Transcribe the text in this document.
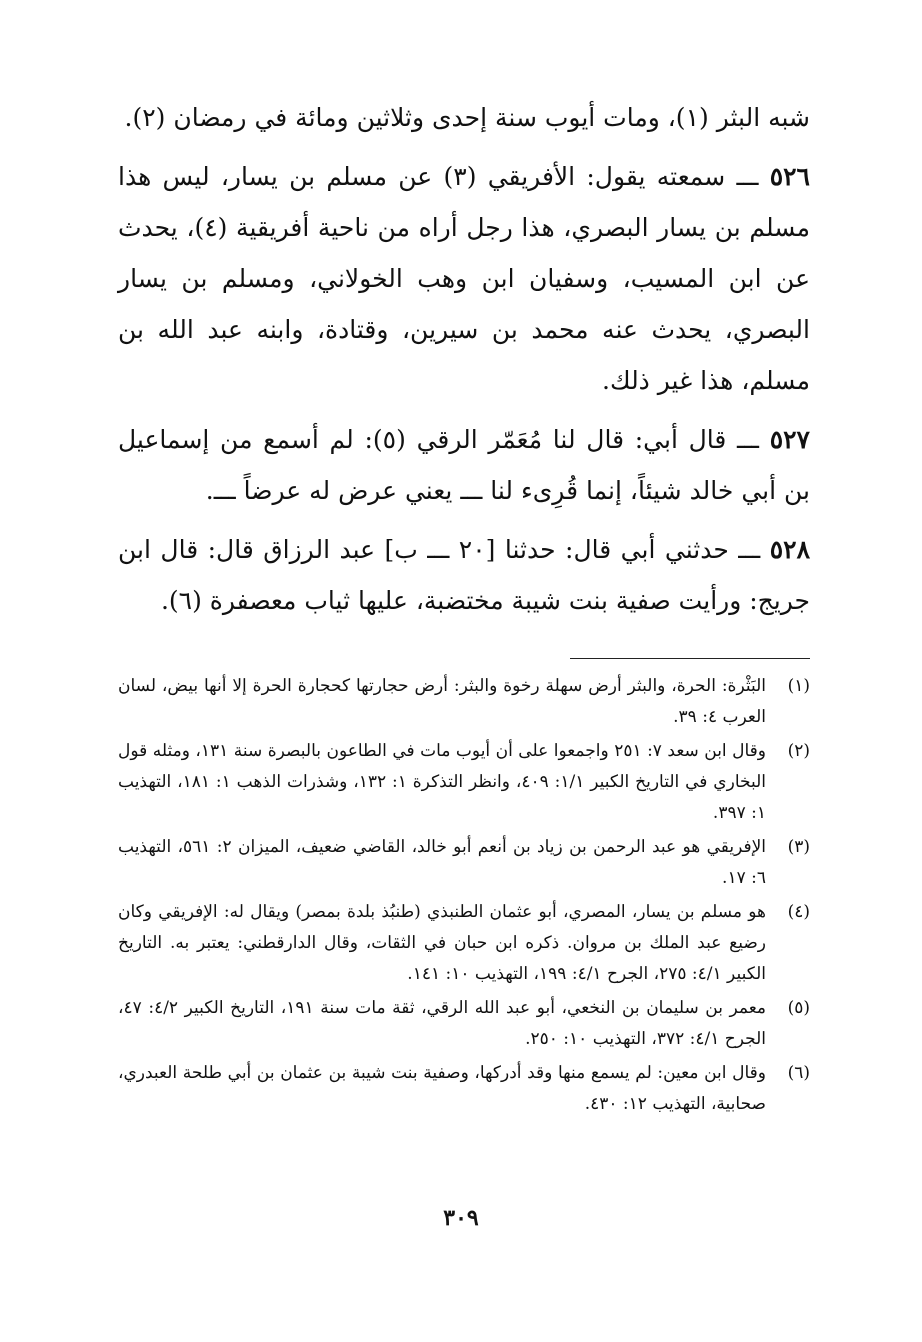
شبه البثر (١)، ومات أيوب سنة إحدى وثلاثين ومائة في رمضان (٢).

٥٢٦ ـــ سمعته يقول: الأفريقي (٣) عن مسلم بن يسار، ليس هذا مسلم بن يسار البصري، هذا رجل أراه من ناحية أفريقية (٤)، يحدث عن ابن المسيب، وسفيان ابن وهب الخولاني، ومسلم بن يسار البصري، يحدث عنه محمد بن سيرين، وقتادة، وابنه عبد الله بن مسلم، هذا غير ذلك.

٥٢٧ ـــ قال أبي: قال لنا مُعَمّر الرقي (٥): لم أسمع من إسماعيل بن أبي خالد شيئاً، إنما قُرِىء لنا ـــ يعني عرض له عرضاً ـــ.

٥٢٨ ـــ حدثني أبي قال: حدثنا [٢٠ ـــ ب] عبد الرزاق قال: قال ابن جريج: ورأيت صفية بنت شيبة مختضبة، عليها ثياب معصفرة (٦).

(١)
البَثْرة: الحرة، والبثر أرض سهلة رخوة والبثر: أرض حجارتها كحجارة الحرة إلا أنها بيض، لسان العرب ٤: ٣٩.
(٢)
وقال ابن سعد ٧: ٢٥١ واجمعوا على أن أيوب مات في الطاعون بالبصرة سنة ١٣١، ومثله قول البخاري في التاريخ الكبير ١/١: ٤٠٩، وانظر التذكرة ١: ١٣٢، وشذرات الذهب ١: ١٨١، التهذيب ١: ٣٩٧.
(٣)
الإفريقي هو عبد الرحمن بن زياد بن أنعم أبو خالد، القاضي ضعيف، الميزان ٢: ٥٦١، التهذيب ٦: ١٧.
(٤)
هو مسلم بن يسار، المصري، أبو عثمان الطنبذي (طنبُذ بلدة بمصر) ويقال له: الإفريقي وكان رضيع عبد الملك بن مروان. ذكره ابن حبان في الثقات، وقال الدارقطني: يعتبر به. التاريخ الكبير ٤/١: ٢٧٥، الجرح ٤/١: ١٩٩، التهذيب ١٠: ١٤١.
(٥)
معمر بن سليمان بن النخعي، أبو عبد الله الرقي، ثقة مات سنة ١٩١، التاريخ الكبير ٤/٢: ٤٧، الجرح ٤/١: ٣٧٢، التهذيب ١٠: ٢٥٠.
(٦)
وقال ابن معين: لم يسمع منها وقد أدركها، وصفية بنت شيبة بن عثمان بن أبي طلحة العبدري، صحابية، التهذيب ١٢: ٤٣٠.
٣٠٩
